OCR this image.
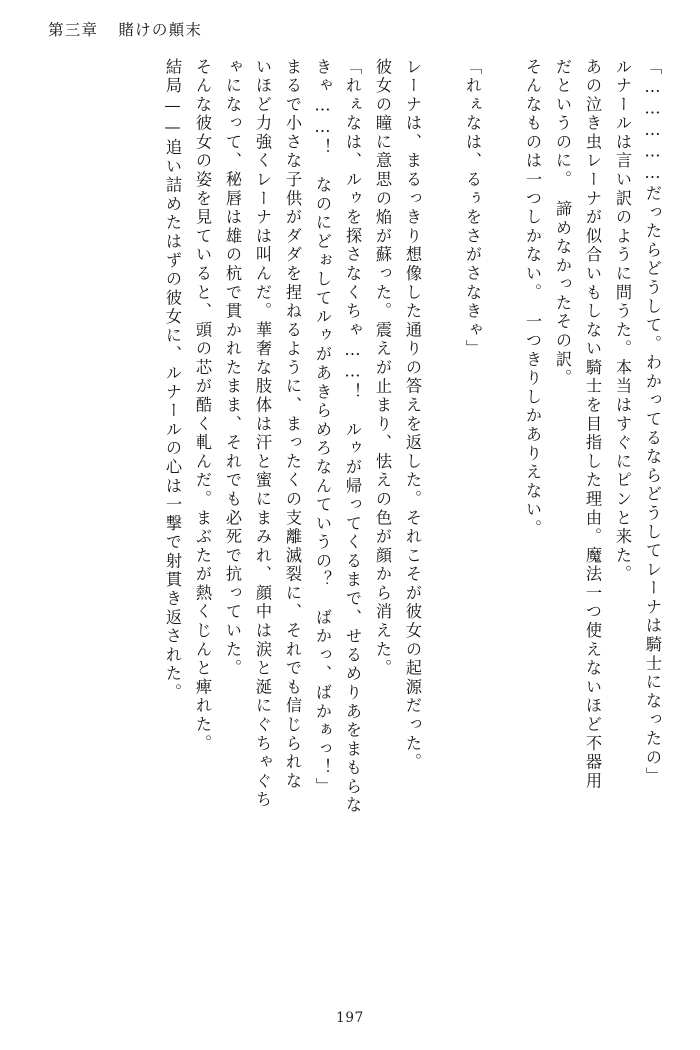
第三章 賭けの顛末
「……………だったらどうして。わかってるならどうしてレーナは騎士になったの」
ルナールは言い訳のように問うた。本当はすぐにピンと来た。
あの泣き虫レーナが似合いもしない騎士を目指した理由。魔法一つ使えないほど不器用
だというのに。　諦めなかったその訳。
そんなものは一つしかない。　一つきりしかありえない。
「れぇなは、るぅをさがさなきゃ」
レーナは、まるっきり想像した通りの答えを返した。それこそが彼女の起源だった。
彼女の瞳に意思の焔が蘇った。震えが止まり、怯えの色が顔から消えた。
「れぇなは、ルゥを探さなくちゃ……！　ルゥが帰ってくるまで、せるめりあをまもらな
きゃ……！　なのにどぉしてルゥがあきらめろなんていうの？　ばかっ、ばかぁっ！」
まるで小さな子供がダダを捏ねるように、まったくの支離滅裂に、それでも信じられな
いほど力強くレーナは叫んだ。華奢な肢体は汗と蜜にまみれ、顔中は涙と涎にぐちゃぐち
ゃになって、秘唇は雄の杭で貫かれたまま、それでも必死で抗っていた。
そんな彼女の姿を見ていると、頭の芯が酷く軋んだ。まぶたが熱くじんと痺れた。
結局——追い詰めたはずの彼女に、ルナールの心は一撃で射貫き返された。
197
